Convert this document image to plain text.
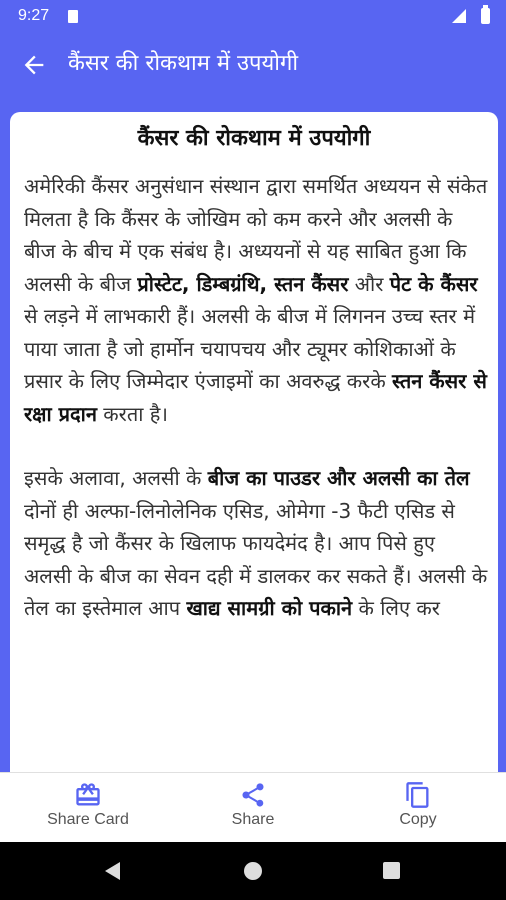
9:27
कैंसर की रोकथाम में उपयोगी
कैंसर की रोकथाम में उपयोगी

अमेरिकी कैंसर अनुसंधान संस्थान द्वारा समर्थित अध्ययन से संकेत मिलता है कि कैंसर के जोखिम को कम करने और अलसी के बीज के बीच में एक संबंध है। अध्ययनों से यह साबित हुआ कि अलसी के बीज प्रोस्टेट, डिम्बग्रंथि, स्तन कैंसर और पेट के कैंसर से लड़ने में लाभकारी हैं। अलसी के बीज में लिगनन उच्च स्तर में पाया जाता है जो हार्मोन चयापचय और ट्यूमर कोशिकाओं के प्रसार के लिए जिम्मेदार एंजाइमों का अवरुद्ध करके स्तन कैंसर से रक्षा प्रदान करता है।

इसके अलावा, अलसी के बीज का पाउडर और अलसी का तेल दोनों ही अल्फा-लिनोलेनिक एसिड, ओमेगा -3 फैटी एसिड से समृद्ध है जो कैंसर के खिलाफ फायदेमंद है। आप पिसे हुए अलसी के बीज का सेवन दही में डालकर कर सकते हैं। अलसी के तेल का इस्तेमाल आप खाद्य सामग्री को पकाने के लिए कर

Share Card	Share	Copy
